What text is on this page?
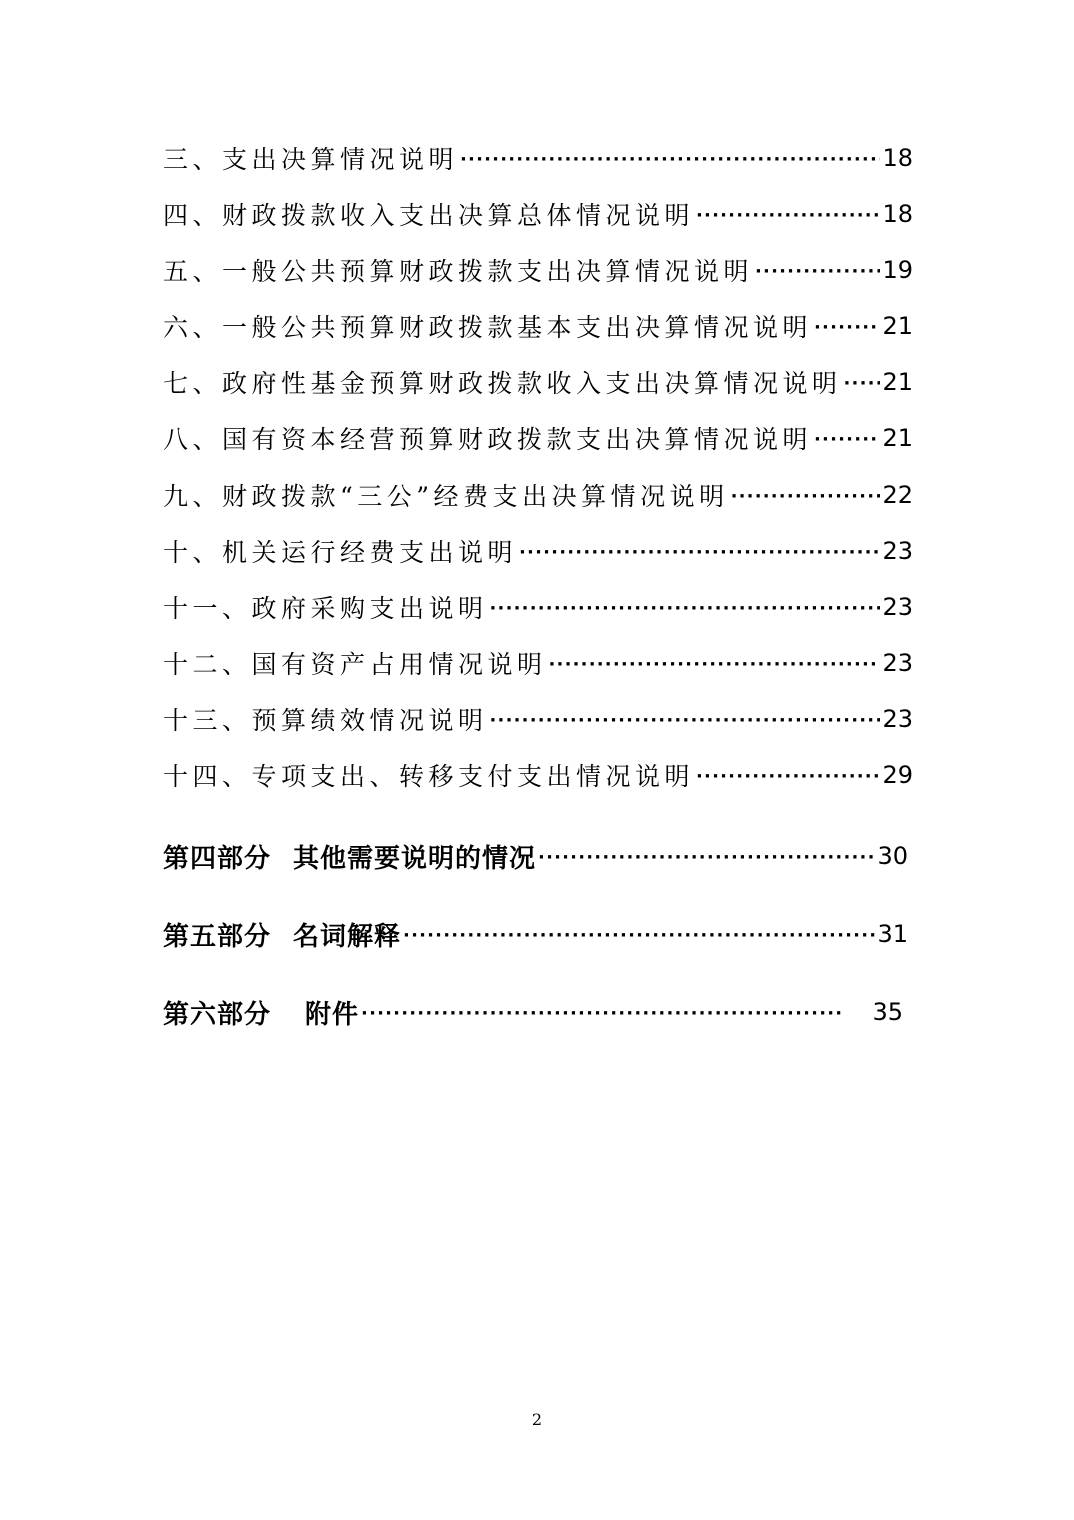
三、支出决算情况说明 ·····	18
四、财政拨款收入支出决算总体情况说明 ·····	18
五、一般公共预算财政拨款支出决算情况说明 ·····	19
六、一般公共预算财政拨款基本支出决算情况说明 ·····	21
七、政府性基金预算财政拨款收入支出决算情况说明 ····· 21
八、国有资本经营预算财政拨款支出决算情况说明 ·····	21
九、财政拨款“三公”经费支出决算情况说明 ·····	22
十、机关运行经费支出说明 ·····	23
十一、政府采购支出说明 ·····	23
十二、国有资产占用情况说明 ·····	23
十三、预算绩效情况说明 ·····	23
十四、专项支出、转移支付支出情况说明 ·····	29
第四部分 其他需要说明的情况 ·····	30
第五部分 名词解释 ·····	31
第六部分 附件 ·····	35
2
